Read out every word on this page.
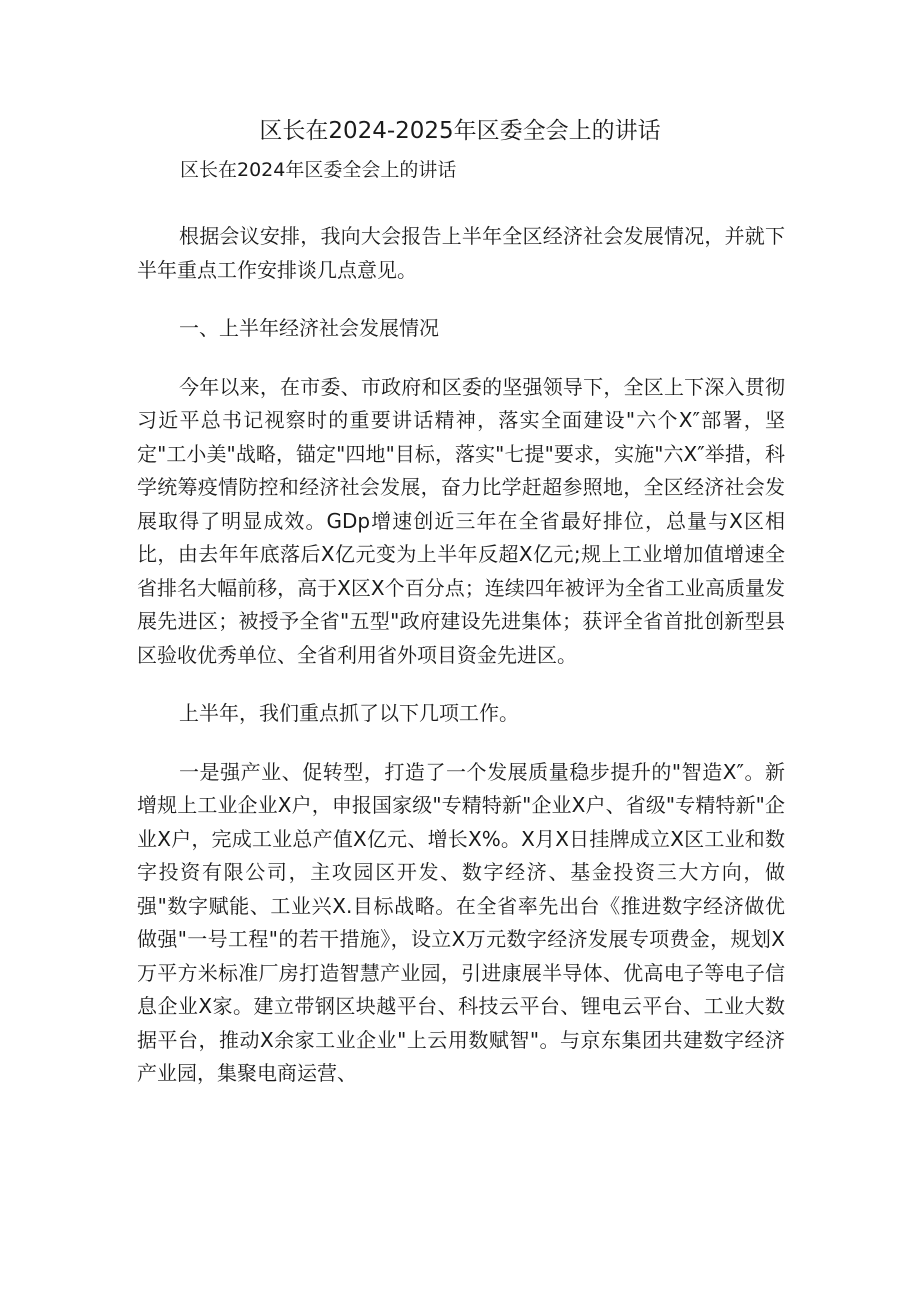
区长在2024-2025年区委全会上的讲话
区长在2024年区委全会上的讲话

根据会议安排，我向大会报告上半年全区经济社会发展情况，并就下半年重点工作安排谈几点意见。

一、上半年经济社会发展情况

今年以来，在市委、市政府和区委的坚强领导下，全区上下深入贯彻习近平总书记视察时的重要讲话精神，落实全面建设"六个X″部署，坚定"工小美"战略，锚定"四地"目标，落实"七提"要求，实施"六X″举措，科学统筹疫情防控和经济社会发展，奋力比学赶超参照地，全区经济社会发展取得了明显成效。GDp增速创近三年在全省最好排位，总量与X区相比，由去年年底落后X亿元变为上半年反超X亿元;规上工业增加值增速全省排名大幅前移，高于X区X个百分点；连续四年被评为全省工业高质量发展先进区；被授予全省"五型"政府建设先进集体；获评全省首批创新型县区验收优秀单位、全省利用省外项目资金先进区。

上半年，我们重点抓了以下几项工作。

一是强产业、促转型，打造了一个发展质量稳步提升的"智造X″。新增规上工业企业X户，申报国家级"专精特新"企业X户、省级"专精特新"企业X户，完成工业总产值X亿元、增长X%。X月X日挂牌成立X区工业和数字投资有限公司，主攻园区开发、数字经济、基金投资三大方向，做强"数字赋能、工业兴X.目标战略。在全省率先出台《推进数字经济做优做强"一号工程"的若干措施》，设立X万元数字经济发展专项费金，规划X万平方米标准厂房打造智慧产业园，引进康展半导体、优高电子等电子信息企业X家。建立带钢区块越平台、科技云平台、锂电云平台、工业大数据平台，推动X余家工业企业"上云用数赋智"。与京东集团共建数字经济产业园，集聚电商运营、
